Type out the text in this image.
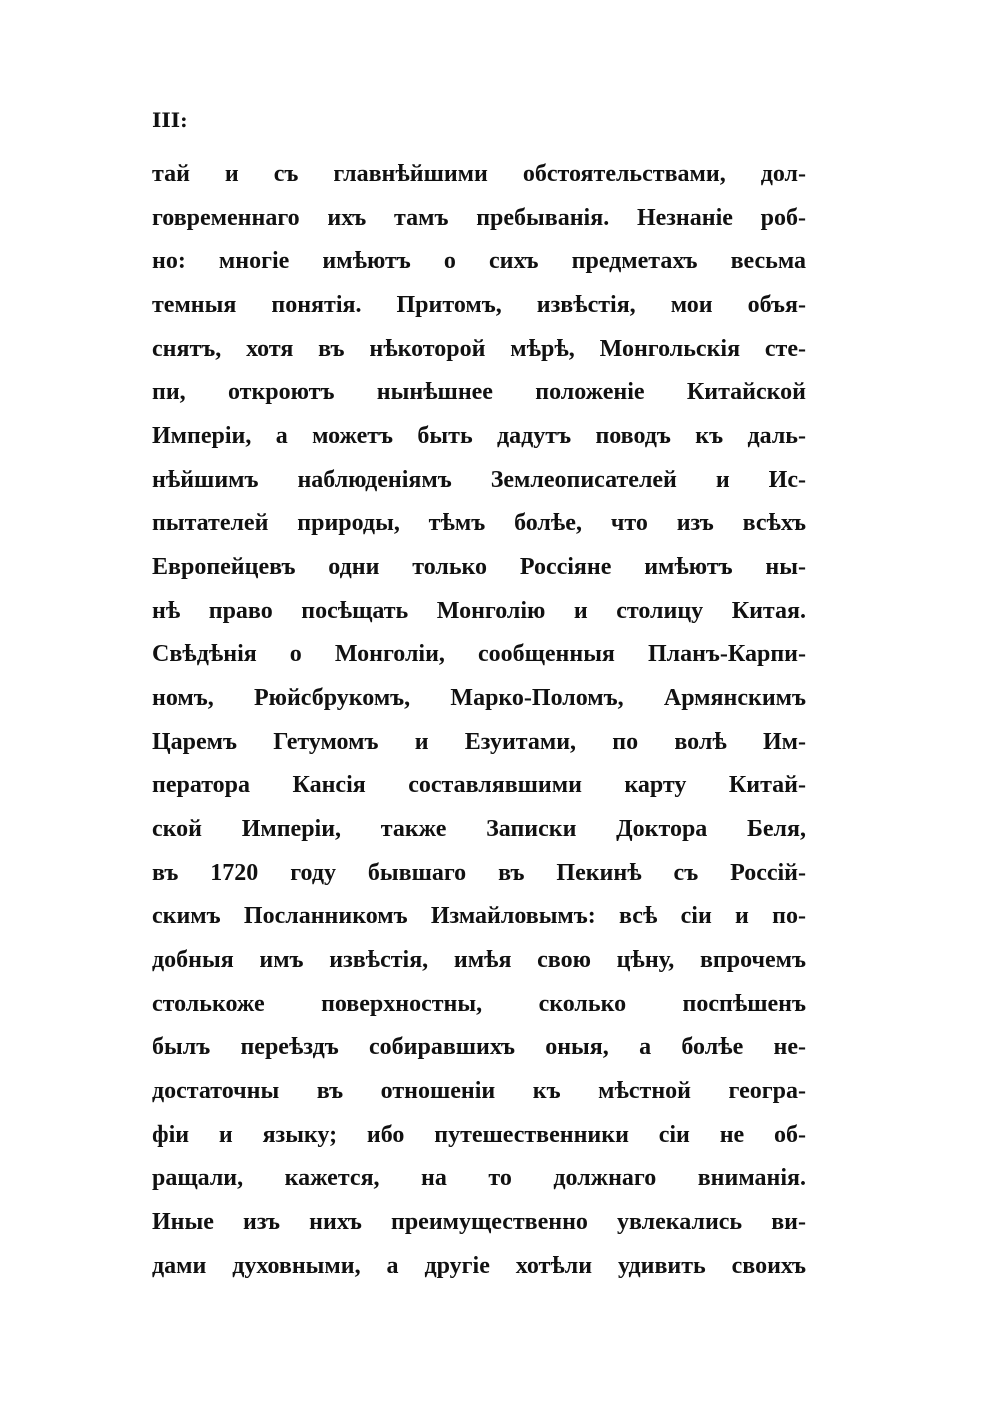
III:
тай и съ главнѣйшими обстоятельствами, дол-
говременнаго ихъ тамъ пребыванія. Незнаніе роб-
но: многіе имѣютъ о сихъ предметахъ весьма
темныя понятія. Притомъ, извѣстія, мои объя-
снятъ, хотя въ нѣкоторой мѣрѣ, Монгольскія сте-
пи, откроютъ нынѣшнее положеніе Китайской
Имперіи, а можетъ быть дадутъ поводъ къ даль-
нѣйшимъ наблюденіямъ Землеописателей и Ис-
пытателей природы, тѣмъ болѣе, что изъ всѣхъ
Европейцевъ одни только Россіяне имѣютъ ны-
нѣ право посѣщать Монголію и столицу Китая.
Свѣдѣнія о Монголіи, сообщенныя Планъ-Карпи-
номъ, Рюйсбрукомъ, Марко-Поломъ, Армянскимъ
Царемъ Гетумомъ и Езуитами, по волѣ Им-
ператора Кансія составлявшими карту Китай-
ской Имперіи, также Записки Доктора Беля,
въ 1720 году бывшаго въ Пекинѣ съ Россій-
скимъ Посланникомъ Измайловымъ: всѣ сіи и по-
добныя имъ извѣстія, имѣя свою цѣну, впрочемъ
столькоже поверхностны, сколько поспѣшенъ
былъ переѣздъ собиравшихъ оныя, а болѣе не-
достаточны въ отношеніи къ мѣстной геогра-
фіи и языку; ибо путешественники сіи не об-
ращали, кажется, на то должнаго вниманія.
Иные изъ нихъ преимущественно увлекались ви-
дами духовными, а другіе хотѣли удивить своихъ
